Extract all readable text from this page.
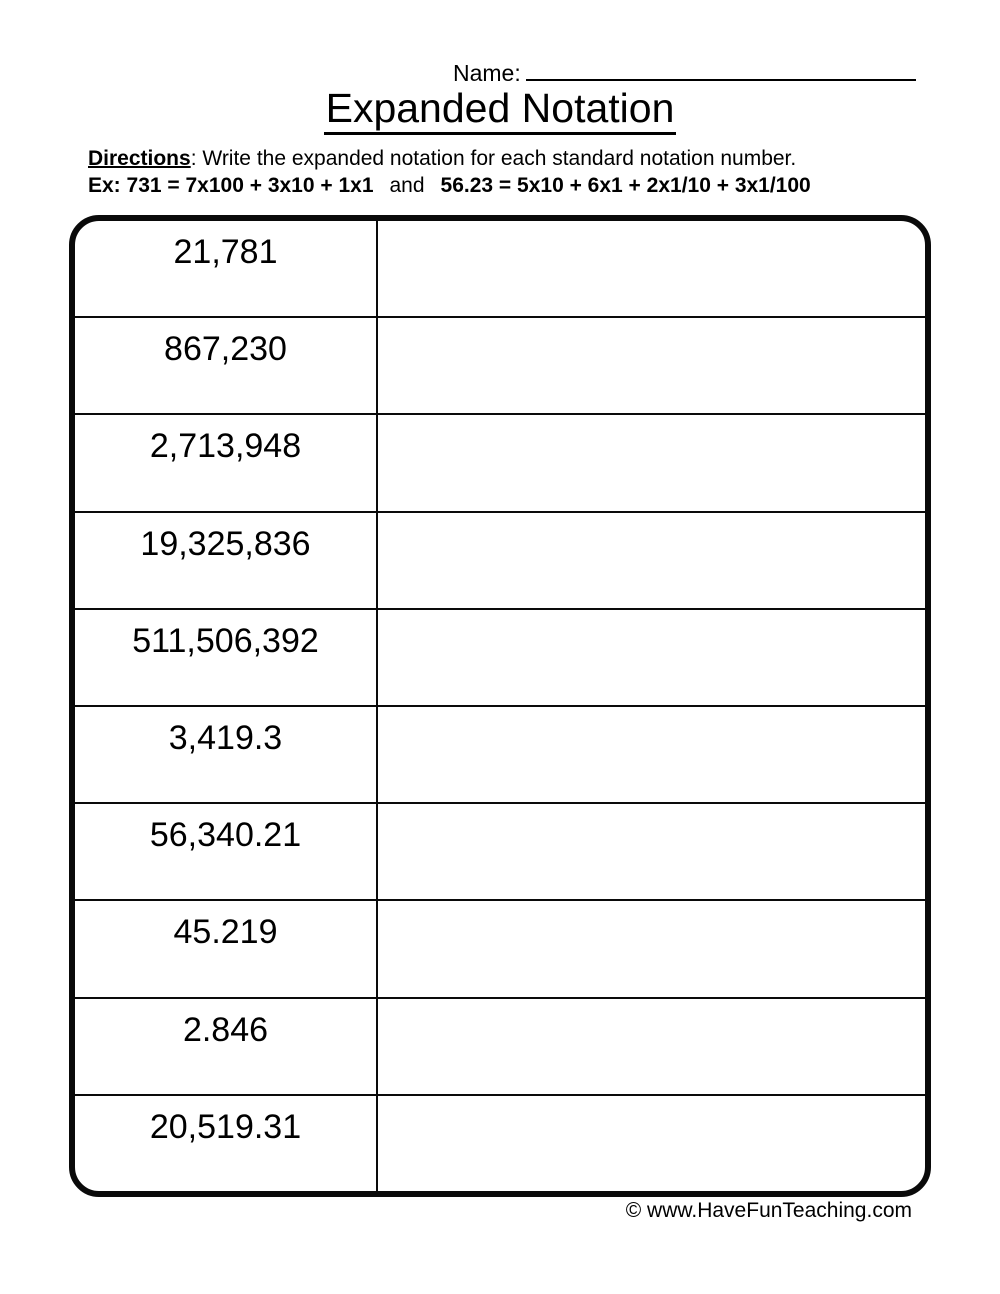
Name:
Expanded Notation

Directions: Write the expanded notation for each standard notation number.

Ex: 731 = 7x100 + 3x10 + 1x1 and 56.23 = 5x10 + 6x1 + 2x1/10 + 3x1/100

21,781
867,230
2,713,948
19,325,836
511,506,392
3,419.3
56,340.21
45.219
2.846
20,519.31
© www.HaveFunTeaching.com
